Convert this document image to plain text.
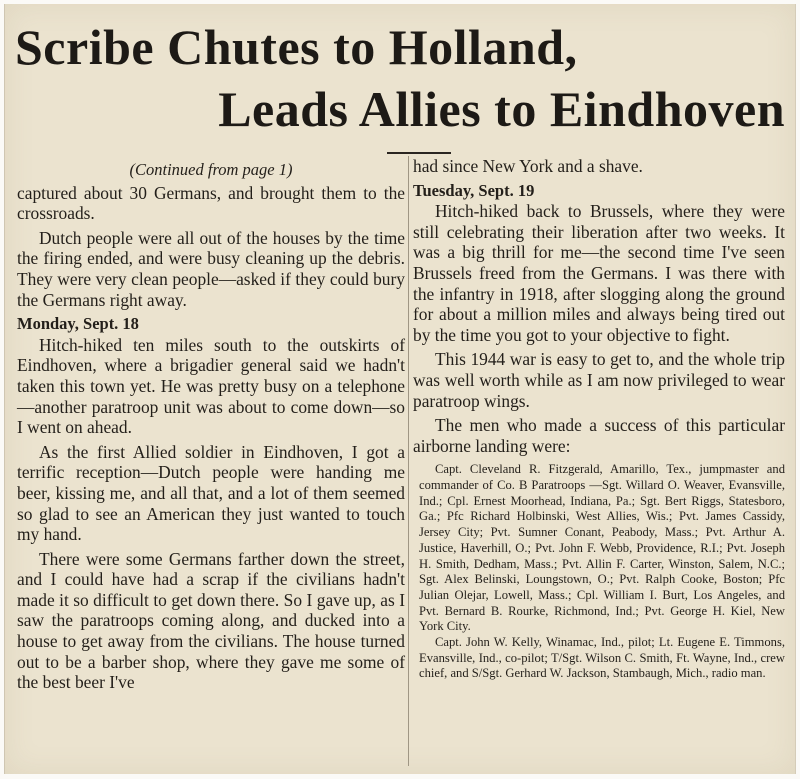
Scribe Chutes to Holland,
Leads Allies to Eindhoven
(Continued from page 1)

captured about 30 Germans, and brought them to the crossroads.

Dutch people were all out of the houses by the time the firing ended, and were busy cleaning up the debris. They were very clean people—asked if they could bury the Germans right away.

Monday, Sept. 18

Hitch-hiked ten miles south to the outskirts of Eindhoven, where a brigadier general said we hadn't taken this town yet. He was pretty busy on a telephone —another paratroop unit was about to come down—so I went on ahead.

As the first Allied soldier in Eindhoven, I got a terrific reception—Dutch people were handing me beer, kissing me, and all that, and a lot of them seemed so glad to see an American they just wanted to touch my hand.

There were some Germans farther down the street, and I could have had a scrap if the civilians hadn't made it so difficult to get down there. So I gave up, as I saw the paratroops coming along, and ducked into a house to get away from the civilians. The house turned out to be a barber shop, where they gave me some of the best beer I've

had since New York and a shave.

Tuesday, Sept. 19

Hitch-hiked back to Brussels, where they were still celebrating their liberation after two weeks. It was a big thrill for me—the second time I've seen Brussels freed from the Germans. I was there with the infantry in 1918, after slogging along the ground for about a million miles and always being tired out by the time you got to your objective to fight.

This 1944 war is easy to get to, and the whole trip was well worth while as I am now privileged to wear paratroop wings.

The men who made a success of this particular airborne landing were:

Capt. Cleveland R. Fitzgerald, Amarillo, Tex., jumpmaster and commander of Co. B Paratroops —Sgt. Willard O. Weaver, Evansville, Ind.; Cpl. Ernest Moorhead, Indiana, Pa.; Sgt. Bert Riggs, Statesboro, Ga.; Pfc Richard Holbinski, West Allies, Wis.; Pvt. James Cassidy, Jersey City; Pvt. Sumner Conant, Peabody, Mass.; Pvt. Arthur A. Justice, Haverhill, O.; Pvt. John F. Webb, Providence, R.I.; Pvt. Joseph H. Smith, Dedham, Mass.; Pvt. Allin F. Carter, Winston, Salem, N.C.; Sgt. Alex Belinski, Loungstown, O.; Pvt. Ralph Cooke, Boston; Pfc Julian Olejar, Lowell, Mass.; Cpl. William I. Burt, Los Angeles, and Pvt. Bernard B. Rourke, Richmond, Ind.; Pvt. George H. Kiel, New York City.

Capt. John W. Kelly, Winamac, Ind., pilot; Lt. Eugene E. Timmons, Evansville, Ind., co-pilot; T/Sgt. Wilson C. Smith, Ft. Wayne, Ind., crew chief, and S/Sgt. Gerhard W. Jackson, Stambaugh, Mich., radio man.
